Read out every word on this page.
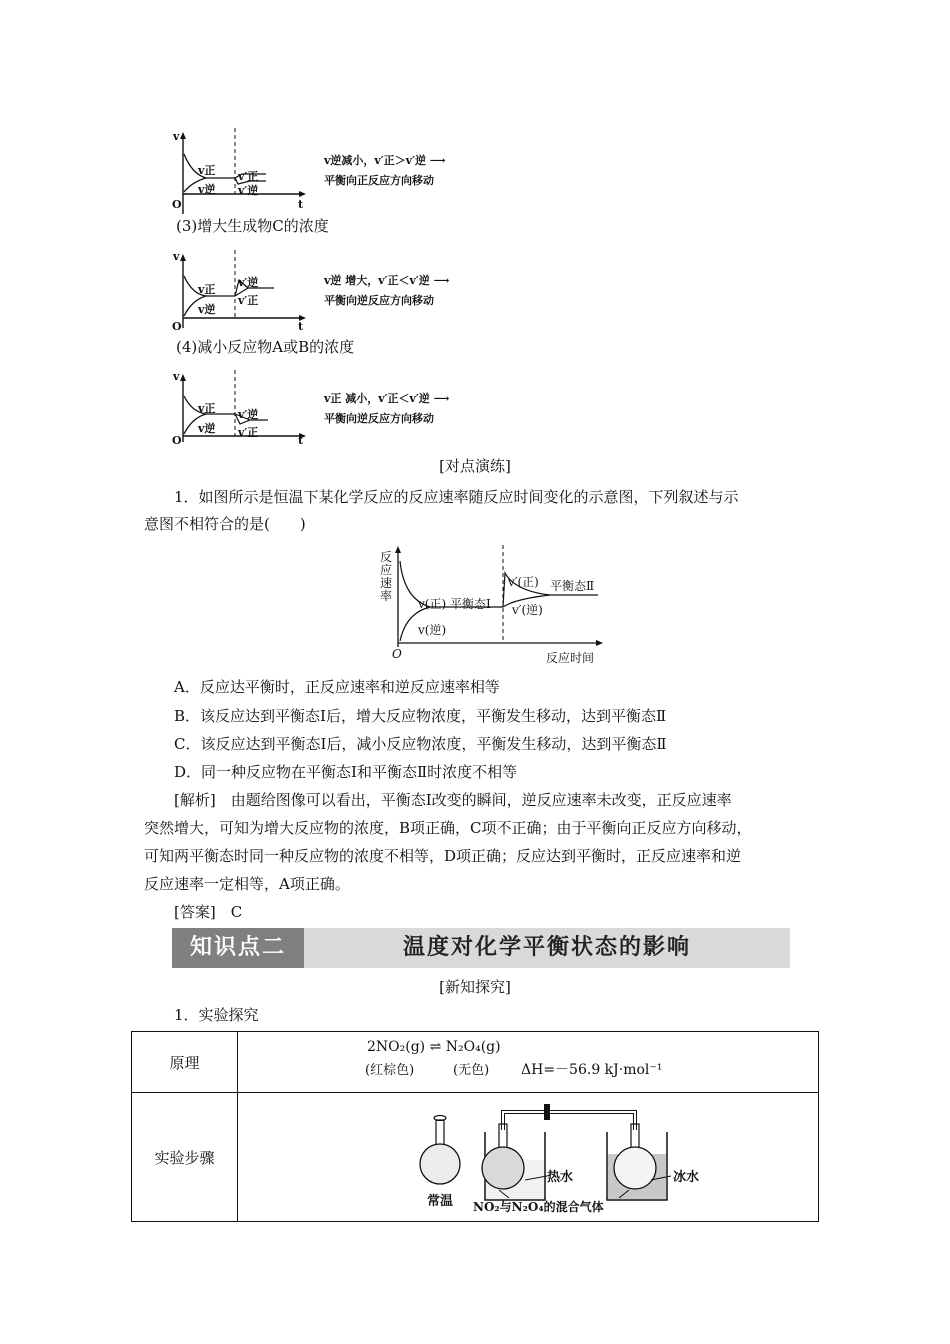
v
t
O
v正
v逆
v′正
v′逆
v逆减小，v′正＞v′逆 ⟶
平衡向正反应方向移动
(3)增大生成物C的浓度
v
t
O
v正
v逆
v′逆
v′正
v逆 增大，v′正＜v′逆 ⟶
平衡向逆反应方向移动
(4)减小反应物A或B的浓度
v
t
O
v正
v逆
v′逆
v′正
v正 减小，v′正＜v′逆 ⟶
平衡向逆反应方向移动
[对点演练]
1．如图所示是恒温下某化学反应的反应速率随反应时间变化的示意图，下列叙述与示
意图不相符合的是(　　)
反应速率
反应时间
O
v(正) 平衡态Ⅰ
v(逆)
v′(正) 平衡态Ⅱ
v′(逆)
A．反应达平衡时，正反应速率和逆反应速率相等
B．该反应达到平衡态Ⅰ后，增大反应物浓度，平衡发生移动，达到平衡态Ⅱ
C．该反应达到平衡态Ⅰ后，减小反应物浓度，平衡发生移动，达到平衡态Ⅱ
D．同一种反应物在平衡态Ⅰ和平衡态Ⅱ时浓度不相等
[解析]　由题给图像可以看出，平衡态Ⅰ改变的瞬间，逆反应速率未改变，正反应速率
突然增大，可知为增大反应物的浓度，B项正确，C项不正确；由于平衡向正反应方向移动，
可知两平衡态时同一种反应物的浓度不相等，D项正确；反应达到平衡时，正反应速率和逆
反应速率一定相等，A项正确。
[答案]　C
知识点二	温度对化学平衡状态的影响
[新知探究]
1．实验探究
原理	2NO₂(g) ⇌ N₂O₄(g)
(红棕色) (无色) ΔH=－56.9 kJ·mol⁻¹

实验步骤	常温
热水 冰水
NO₂与N₂O₄的混合气体
